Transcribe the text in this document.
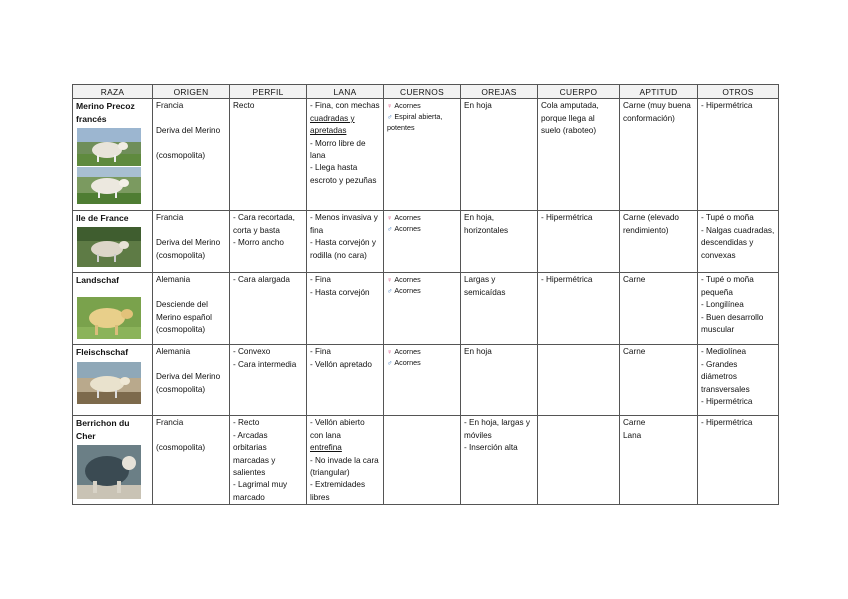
RAZA	ORIGEN	PERFIL	LANA	CUERNOS	OREJAS	CUERPO	APTITUD	OTROS
Merino Precoz francés	Francia
Deriva del Merino
(cosmopolita)	Recto	- Fina, con mechas
cuadradas y apretadas
- Morro libre de lana
- Llega hasta escroto y pezuñas	♀ Acornes
♂ Espiral abierta, potentes	En hoja	Cola amputada, porque llega al suelo (raboteo)	Carne (muy buena conformación)	- Hipermétrica

Ile de France	Francia
Deriva del Merino
(cosmopolita)	- Cara recortada, corta y basta
- Morro ancho	- Menos invasiva y fina
- Hasta corvejón y rodilla (no cara)	♀ Acornes
♂ Acornes	En hoja, horizontales	- Hipermétrica	Carne (elevado rendimiento)	- Tupé o moña
- Nalgas cuadradas, descendidas y convexas

Landschaf	Alemania
Desciende del Merino español
(cosmopolita)	- Cara alargada	- Fina
- Hasta corvejón	♀ Acornes
♂ Acornes	Largas y semicaídas	- Hipermétrica	Carne	- Tupé o moña pequeña
- Longilínea
- Buen desarrollo muscular

Fleischschaf	Alemania
Deriva del Merino
(cosmopolita)	- Convexo
- Cara intermedia	- Fina
- Vellón apretado	♀ Acornes
♂ Acornes	En hoja		Carne	- Mediolínea
- Grandes diámetros transversales
- Hipermétrica

Berrichon du Cher	Francia
(cosmopolita)	- Recto
- Arcadas orbitarias marcadas y salientes
- Lagrimal muy marcado	- Vellón abierto con lana
entrefina
- No invade la cara (triangular)
- Extremidades libres		- En hoja, largas y móviles
- Inserción alta		Carne
Lana	- Hipermétrica
